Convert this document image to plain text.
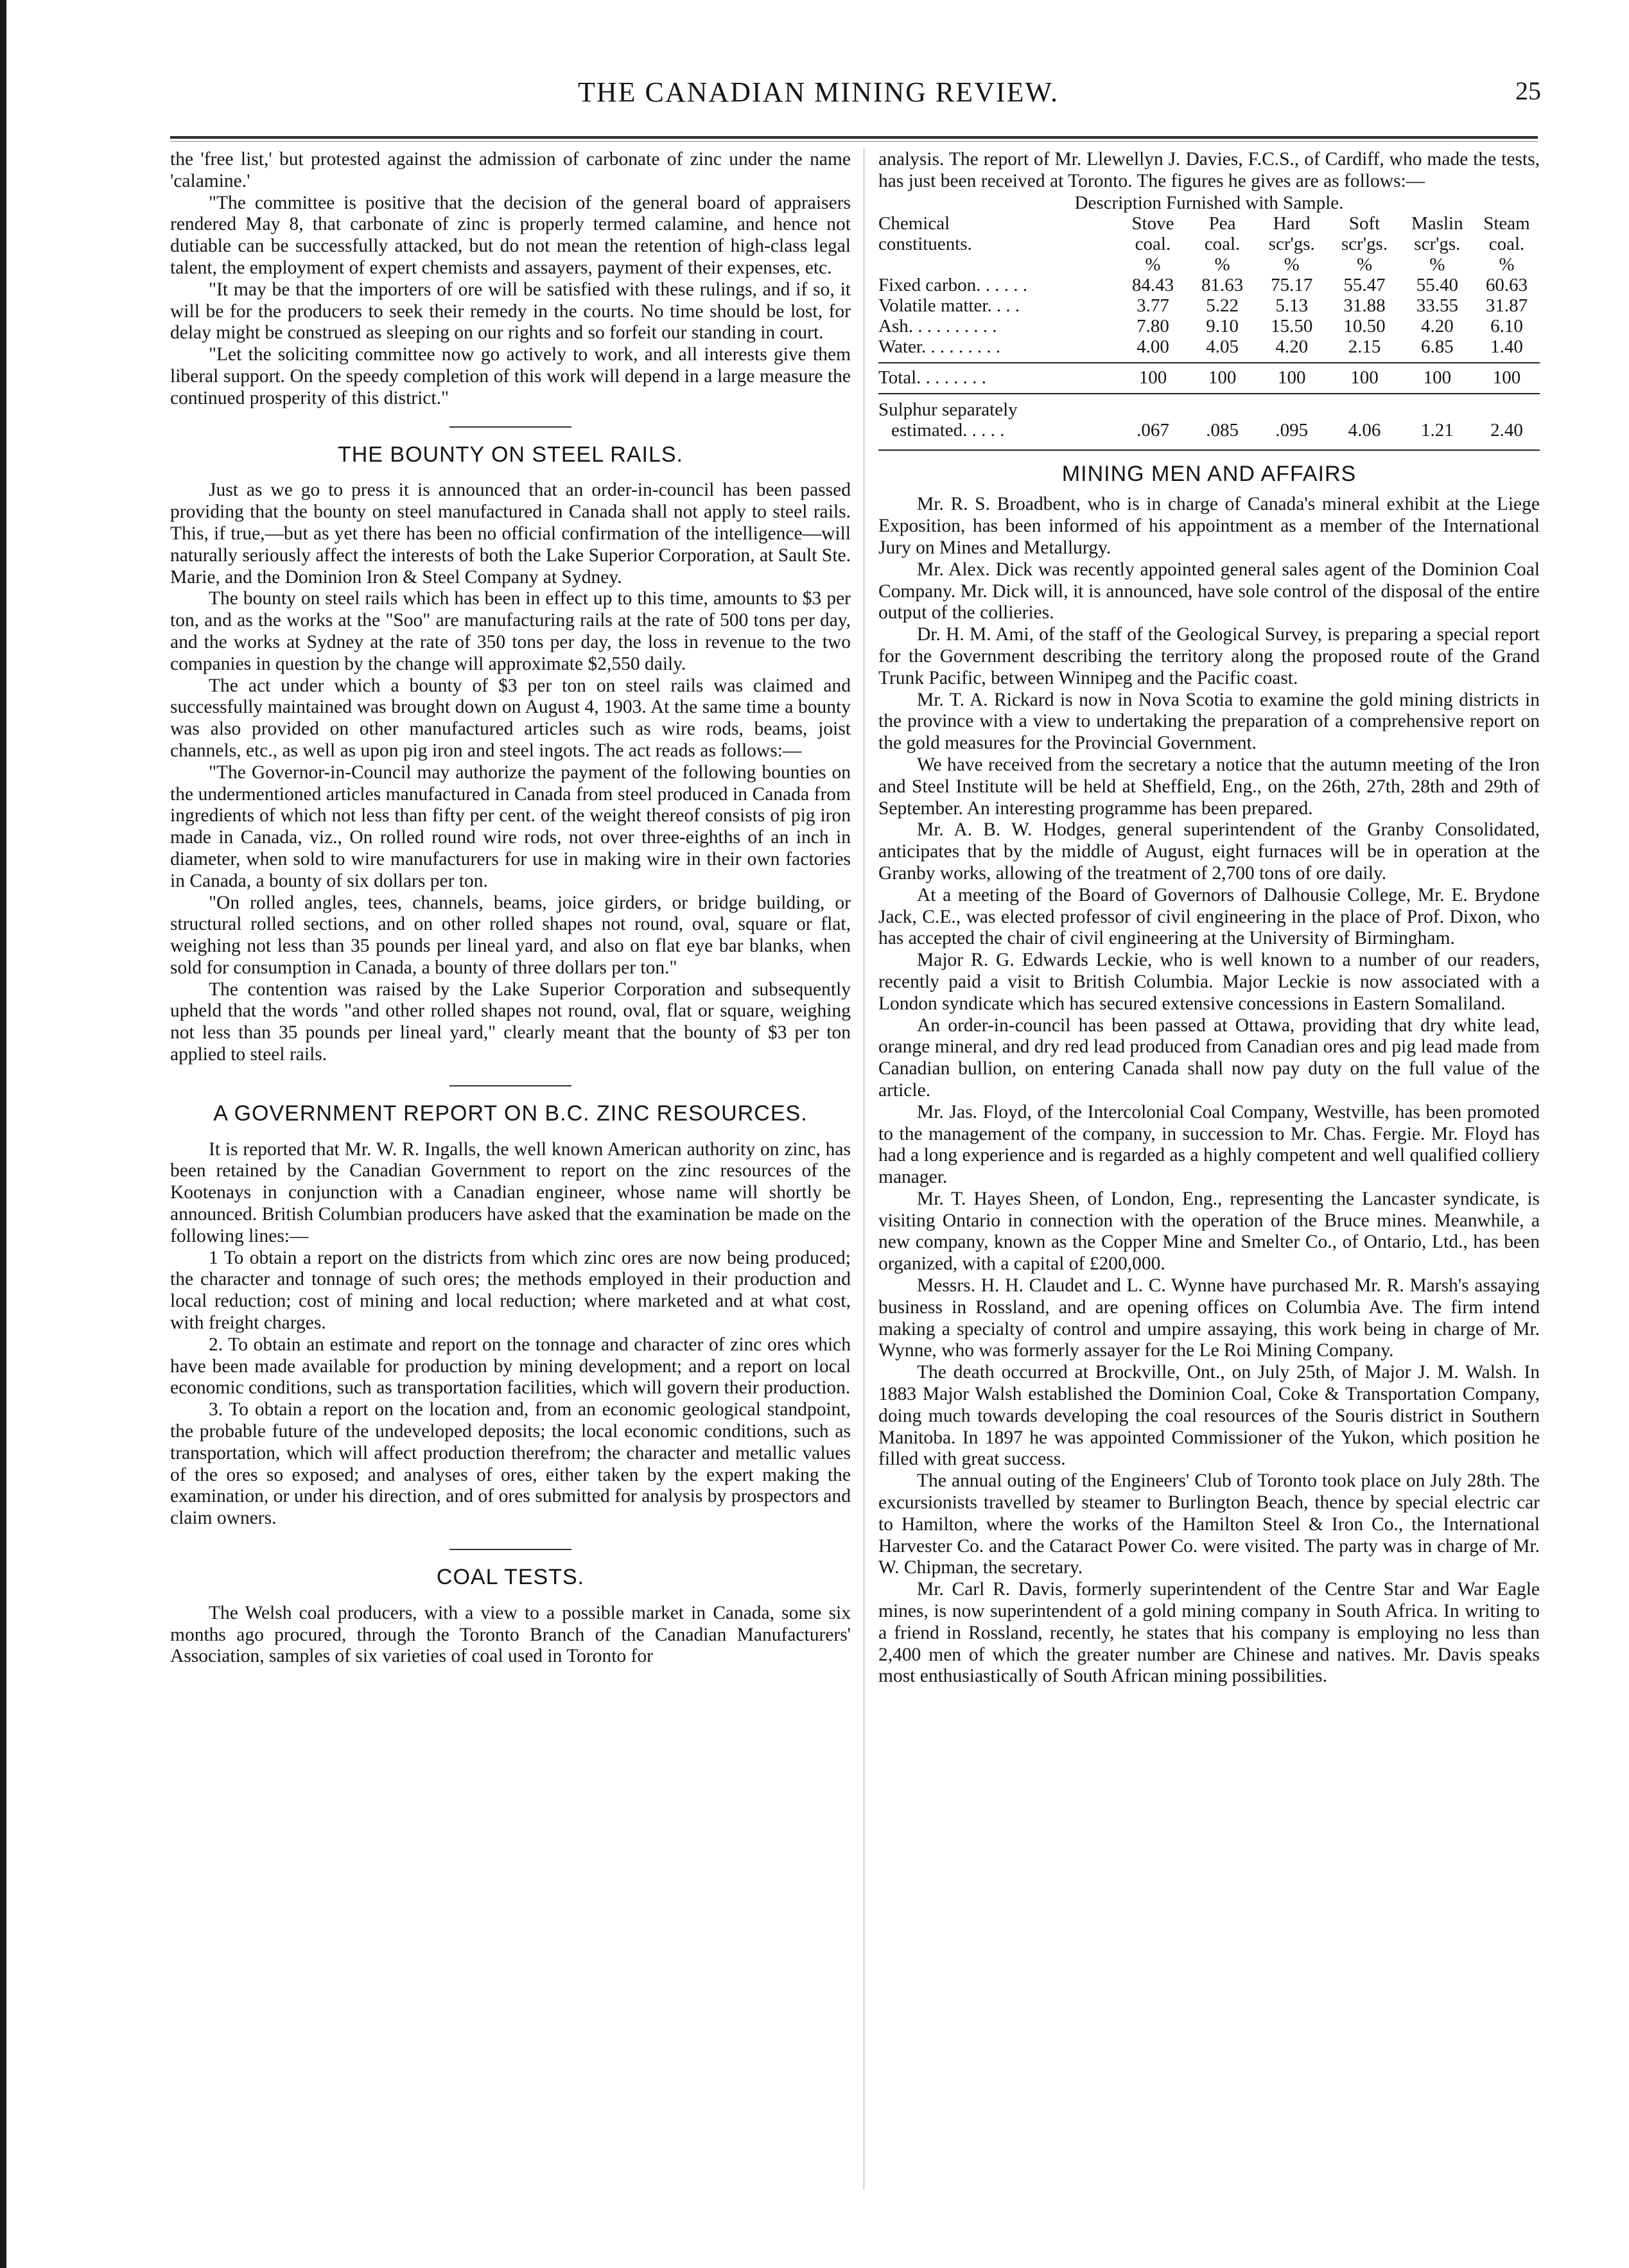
THE CANADIAN MINING REVIEW.	25

the 'free list,' but protested against the admission of carbonate of zinc under the name 'calamine.'

"The committee is positive that the decision of the general board of appraisers rendered May 8, that carbonate of zinc is properly termed calamine, and hence not dutiable can be successfully attacked, but do not mean the retention of high-class legal talent, the employment of expert chemists and assayers, payment of their expenses, etc.

"It may be that the importers of ore will be satisfied with these rulings, and if so, it will be for the producers to seek their remedy in the courts. No time should be lost, for delay might be construed as sleeping on our rights and so forfeit our standing in court.

"Let the soliciting committee now go actively to work, and all interests give them liberal support. On the speedy completion of this work will depend in a large measure the continued prosperity of this district."

THE BOUNTY ON STEEL RAILS.

Just as we go to press it is announced that an order-in-council has been passed providing that the bounty on steel manufactured in Canada shall not apply to steel rails. This, if true,—but as yet there has been no official confirmation of the intelligence—will naturally seriously affect the interests of both the Lake Superior Corporation, at Sault Ste. Marie, and the Dominion Iron & Steel Company at Sydney.

The bounty on steel rails which has been in effect up to this time, amounts to $3 per ton, and as the works at the "Soo" are manufacturing rails at the rate of 500 tons per day, and the works at Sydney at the rate of 350 tons per day, the loss in revenue to the two companies in question by the change will approximate $2,550 daily.

The act under which a bounty of $3 per ton on steel rails was claimed and successfully maintained was brought down on August 4, 1903. At the same time a bounty was also provided on other manufactured articles such as wire rods, beams, joist channels, etc., as well as upon pig iron and steel ingots. The act reads as follows:—

"The Governor-in-Council may authorize the payment of the following bounties on the undermentioned articles manufactured in Canada from steel produced in Canada from ingredients of which not less than fifty per cent. of the weight thereof consists of pig iron made in Canada, viz., On rolled round wire rods, not over three-eighths of an inch in diameter, when sold to wire manufacturers for use in making wire in their own factories in Canada, a bounty of six dollars per ton.

"On rolled angles, tees, channels, beams, joice girders, or bridge building, or structural rolled sections, and on other rolled shapes not round, oval, square or flat, weighing not less than 35 pounds per lineal yard, and also on flat eye bar blanks, when sold for consumption in Canada, a bounty of three dollars per ton."

The contention was raised by the Lake Superior Corporation and subsequently upheld that the words "and other rolled shapes not round, oval, flat or square, weighing not less than 35 pounds per lineal yard," clearly meant that the bounty of $3 per ton applied to steel rails.

A GOVERNMENT REPORT ON B.C. ZINC RESOURCES.

It is reported that Mr. W. R. Ingalls, the well known American authority on zinc, has been retained by the Canadian Government to report on the zinc resources of the Kootenays in conjunction with a Canadian engineer, whose name will shortly be announced. British Columbian producers have asked that the examination be made on the following lines:—

1 To obtain a report on the districts from which zinc ores are now being produced; the character and tonnage of such ores; the methods employed in their production and local reduction; cost of mining and local reduction; where marketed and at what cost, with freight charges.

2. To obtain an estimate and report on the tonnage and character of zinc ores which have been made available for production by mining development; and a report on local economic conditions, such as transportation facilities, which will govern their production.

3. To obtain a report on the location and, from an economic geological standpoint, the probable future of the undeveloped deposits; the local economic conditions, such as transportation, which will affect production therefrom; the character and metallic values of the ores so exposed; and analyses of ores, either taken by the expert making the examination, or under his direction, and of ores submitted for analysis by prospectors and claim owners.

COAL TESTS.

The Welsh coal producers, with a view to a possible market in Canada, some six months ago procured, through the Toronto Branch of the Canadian Manufacturers' Association, samples of six varieties of coal used in Toronto for

analysis. The report of Mr. Llewellyn J. Davies, F.C.S., of Cardiff, who made the tests, has just been received at Toronto. The figures he gives are as follows:—

Description Furnished with Sample.
Chemical	Stove	Pea	Hard	Soft	Maslin	Steam
constituents.	coal.	coal.	scr'gs.	scr'gs.	scr'gs.	coal.
	%	%	%	%	%	%
Fixed carbon. . . . . .	84.43	81.63	75.17	55.47	55.40	60.63
Volatile matter. . . .	3.77	5.22	5.13	31.88	33.55	31.87
Ash. . . . . . . . . .	7.80	9.10	15.50	10.50	4.20	6.10
Water. . . . . . . . .	4.00	4.05	4.20	2.15	6.85	1.40

Total. . . . . . . .	100	100	100	100	100	100

Sulphur separately						
estimated. . . . .	.067	.085	.095	4.06	1.21	2.40
MINING MEN AND AFFAIRS

Mr. R. S. Broadbent, who is in charge of Canada's mineral exhibit at the Liege Exposition, has been informed of his appointment as a member of the International Jury on Mines and Metallurgy.

Mr. Alex. Dick was recently appointed general sales agent of the Dominion Coal Company. Mr. Dick will, it is announced, have sole control of the disposal of the entire output of the collieries.

Dr. H. M. Ami, of the staff of the Geological Survey, is preparing a special report for the Government describing the territory along the proposed route of the Grand Trunk Pacific, between Winnipeg and the Pacific coast.

Mr. T. A. Rickard is now in Nova Scotia to examine the gold mining districts in the province with a view to undertaking the preparation of a comprehensive report on the gold measures for the Provincial Government.

We have received from the secretary a notice that the autumn meeting of the Iron and Steel Institute will be held at Sheffield, Eng., on the 26th, 27th, 28th and 29th of September. An interesting programme has been prepared.

Mr. A. B. W. Hodges, general superintendent of the Granby Consolidated, anticipates that by the middle of August, eight furnaces will be in operation at the Granby works, allowing of the treatment of 2,700 tons of ore daily.

At a meeting of the Board of Governors of Dalhousie College, Mr. E. Brydone Jack, C.E., was elected professor of civil engineering in the place of Prof. Dixon, who has accepted the chair of civil engineering at the University of Birmingham.

Major R. G. Edwards Leckie, who is well known to a number of our readers, recently paid a visit to British Columbia. Major Leckie is now associated with a London syndicate which has secured extensive concessions in Eastern Somaliland.

An order-in-council has been passed at Ottawa, providing that dry white lead, orange mineral, and dry red lead produced from Canadian ores and pig lead made from Canadian bullion, on entering Canada shall now pay duty on the full value of the article.

Mr. Jas. Floyd, of the Intercolonial Coal Company, Westville, has been promoted to the management of the company, in succession to Mr. Chas. Fergie. Mr. Floyd has had a long experience and is regarded as a highly competent and well qualified colliery manager.

Mr. T. Hayes Sheen, of London, Eng., representing the Lancaster syndicate, is visiting Ontario in connection with the operation of the Bruce mines. Meanwhile, a new company, known as the Copper Mine and Smelter Co., of Ontario, Ltd., has been organized, with a capital of £200,000.

Messrs. H. H. Claudet and L. C. Wynne have purchased Mr. R. Marsh's assaying business in Rossland, and are opening offices on Columbia Ave. The firm intend making a specialty of control and umpire assaying, this work being in charge of Mr. Wynne, who was formerly assayer for the Le Roi Mining Company.

The death occurred at Brockville, Ont., on July 25th, of Major J. M. Walsh. In 1883 Major Walsh established the Dominion Coal, Coke & Transportation Company, doing much towards developing the coal resources of the Souris district in Southern Manitoba. In 1897 he was appointed Commissioner of the Yukon, which position he filled with great success.

The annual outing of the Engineers' Club of Toronto took place on July 28th. The excursionists travelled by steamer to Burlington Beach, thence by special electric car to Hamilton, where the works of the Hamilton Steel & Iron Co., the International Harvester Co. and the Cataract Power Co. were visited. The party was in charge of Mr. W. Chipman, the secretary.

Mr. Carl R. Davis, formerly superintendent of the Centre Star and War Eagle mines, is now superintendent of a gold mining company in South Africa. In writing to a friend in Rossland, recently, he states that his company is employing no less than 2,400 men of which the greater number are Chinese and natives. Mr. Davis speaks most enthusiastically of South African mining possibilities.
